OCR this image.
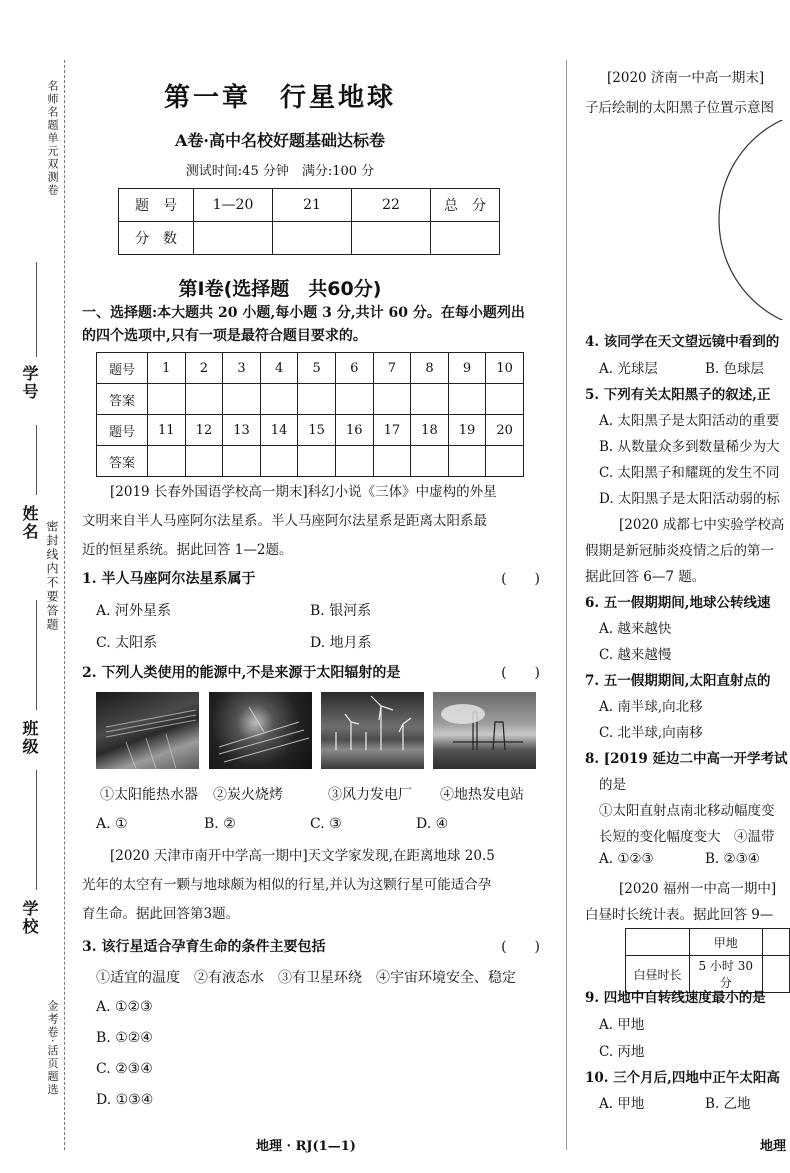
名师名题单元双测卷
学号
姓名 密封线内不要答题
班级
学校
金考卷·活页题选
第一章　行星地球
A卷·高中名校好题基础达标卷
测试时间:45 分钟　满分:100 分
题　号	1—20	21	22	总　分
分　数				
第Ⅰ卷(选择题　共60分)
一、选择题:本大题共 20 小题,每小题 3 分,共计 60 分。在每小题列出
的四个选项中,只有一项是最符合题目要求的。
题号	1	2	3	4	5	6	7	8	9	10
答案										
题号	11	12	13	14	15	16	17	18	19	20
答案										
[2019 长春外国语学校高一期末]科幻小说《三体》中虚构的外星
文明来自半人马座阿尔法星系。半人马座阿尔法星系是距离太阳系最
近的恒星系统。据此回答 1—2题。
1. 半人马座阿尔法星系属于	(　　)
A. 河外星系	B. 银河系
C. 太阳系	D. 地月系
2. 下列人类使用的能源中,不是来源于太阳辐射的是	(　　)
①太阳能热水器 ②炭火烧烤	③风力发电厂 ④地热发电站
A. ①	B. ②	C. ③	D. ④
[2020 天津市南开中学高一期中]天文学家发现,在距离地球 20.5
光年的太空有一颗与地球颇为相似的行星,并认为这颗行星可能适合孕
育生命。据此回答第3题。
3. 该行星适合孕育生命的条件主要包括	(　　)
①适宜的温度　②有液态水　③有卫星环绕　④宇宙环境安全、稳定
A. ①②③
B. ①②④
C. ②③④
D. ①③④
地理 · RJ(1—1)
[2020 济南一中高一期末]
子后绘制的太阳黑子位置示意图
4. 该同学在天文望远镜中看到的
A. 光球层	B. 色球层
5. 下列有关太阳黑子的叙述,正
A. 太阳黑子是太阳活动的重要
B. 从数量众多到数量稀少为大
C. 太阳黑子和耀斑的发生不同
D. 太阳黑子是太阳活动弱的标
[2020 成都七中实验学校高
假期是新冠肺炎疫情之后的第一
据此回答 6—7 题。
6. 五一假期期间,地球公转线速
A. 越来越快
C. 越来越慢
7. 五一假期期间,太阳直射点的
A. 南半球,向北移
C. 北半球,向南移
8. [2019 延边二中高一开学考试
的是
①太阳直射点南北移动幅度变
长短的变化幅度变大　④温带
A. ①②③	B. ②③④
[2020 福州一中高一期中]
白昼时长统计表。据此回答 9—
	甲地	
白昼时长	5 小时 30 分	
9. 四地中自转线速度最小的是
A. 甲地
C. 丙地
10. 三个月后,四地中正午太阳高
A. 甲地	B. 乙地
地理
